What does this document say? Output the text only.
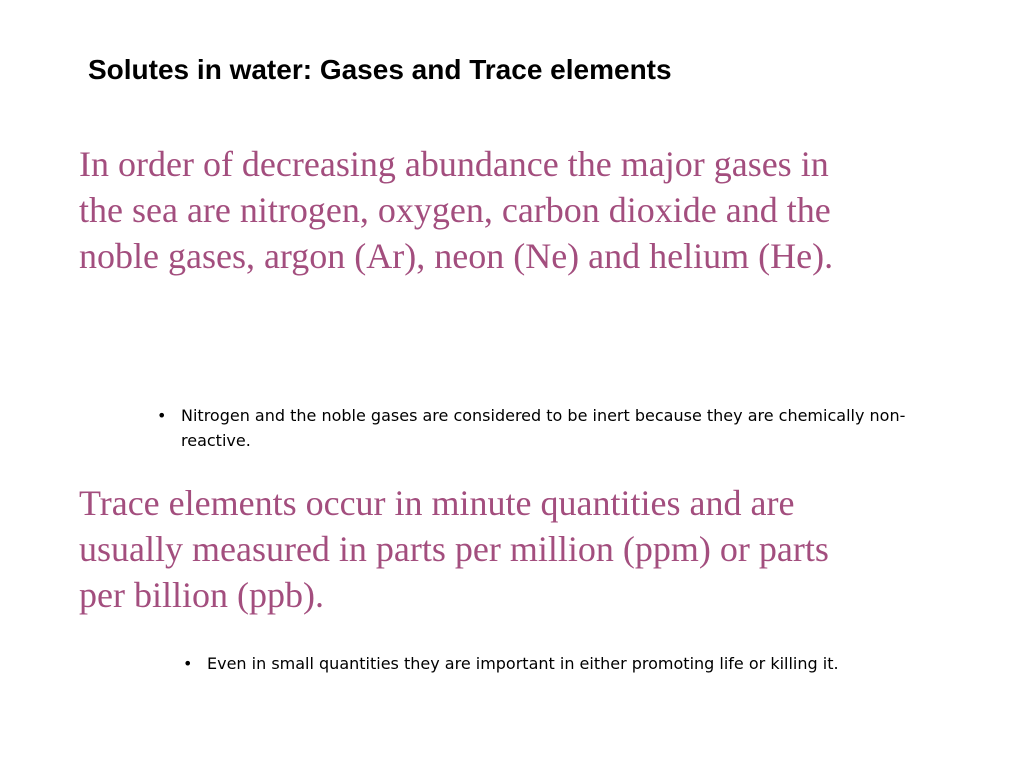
Solutes in water: Gases and Trace elements

In order of decreasing abundance the major gases in the sea are nitrogen, oxygen, carbon dioxide and the noble gases, argon (Ar), neon (Ne) and helium (He).

• Nitrogen and the noble gases are considered to be inert because they are chemically non-reactive.

Trace elements occur in minute quantities and are usually measured in parts per million (ppm) or parts per billion (ppb).

• Even in small quantities they are important in either promoting life or killing it.
